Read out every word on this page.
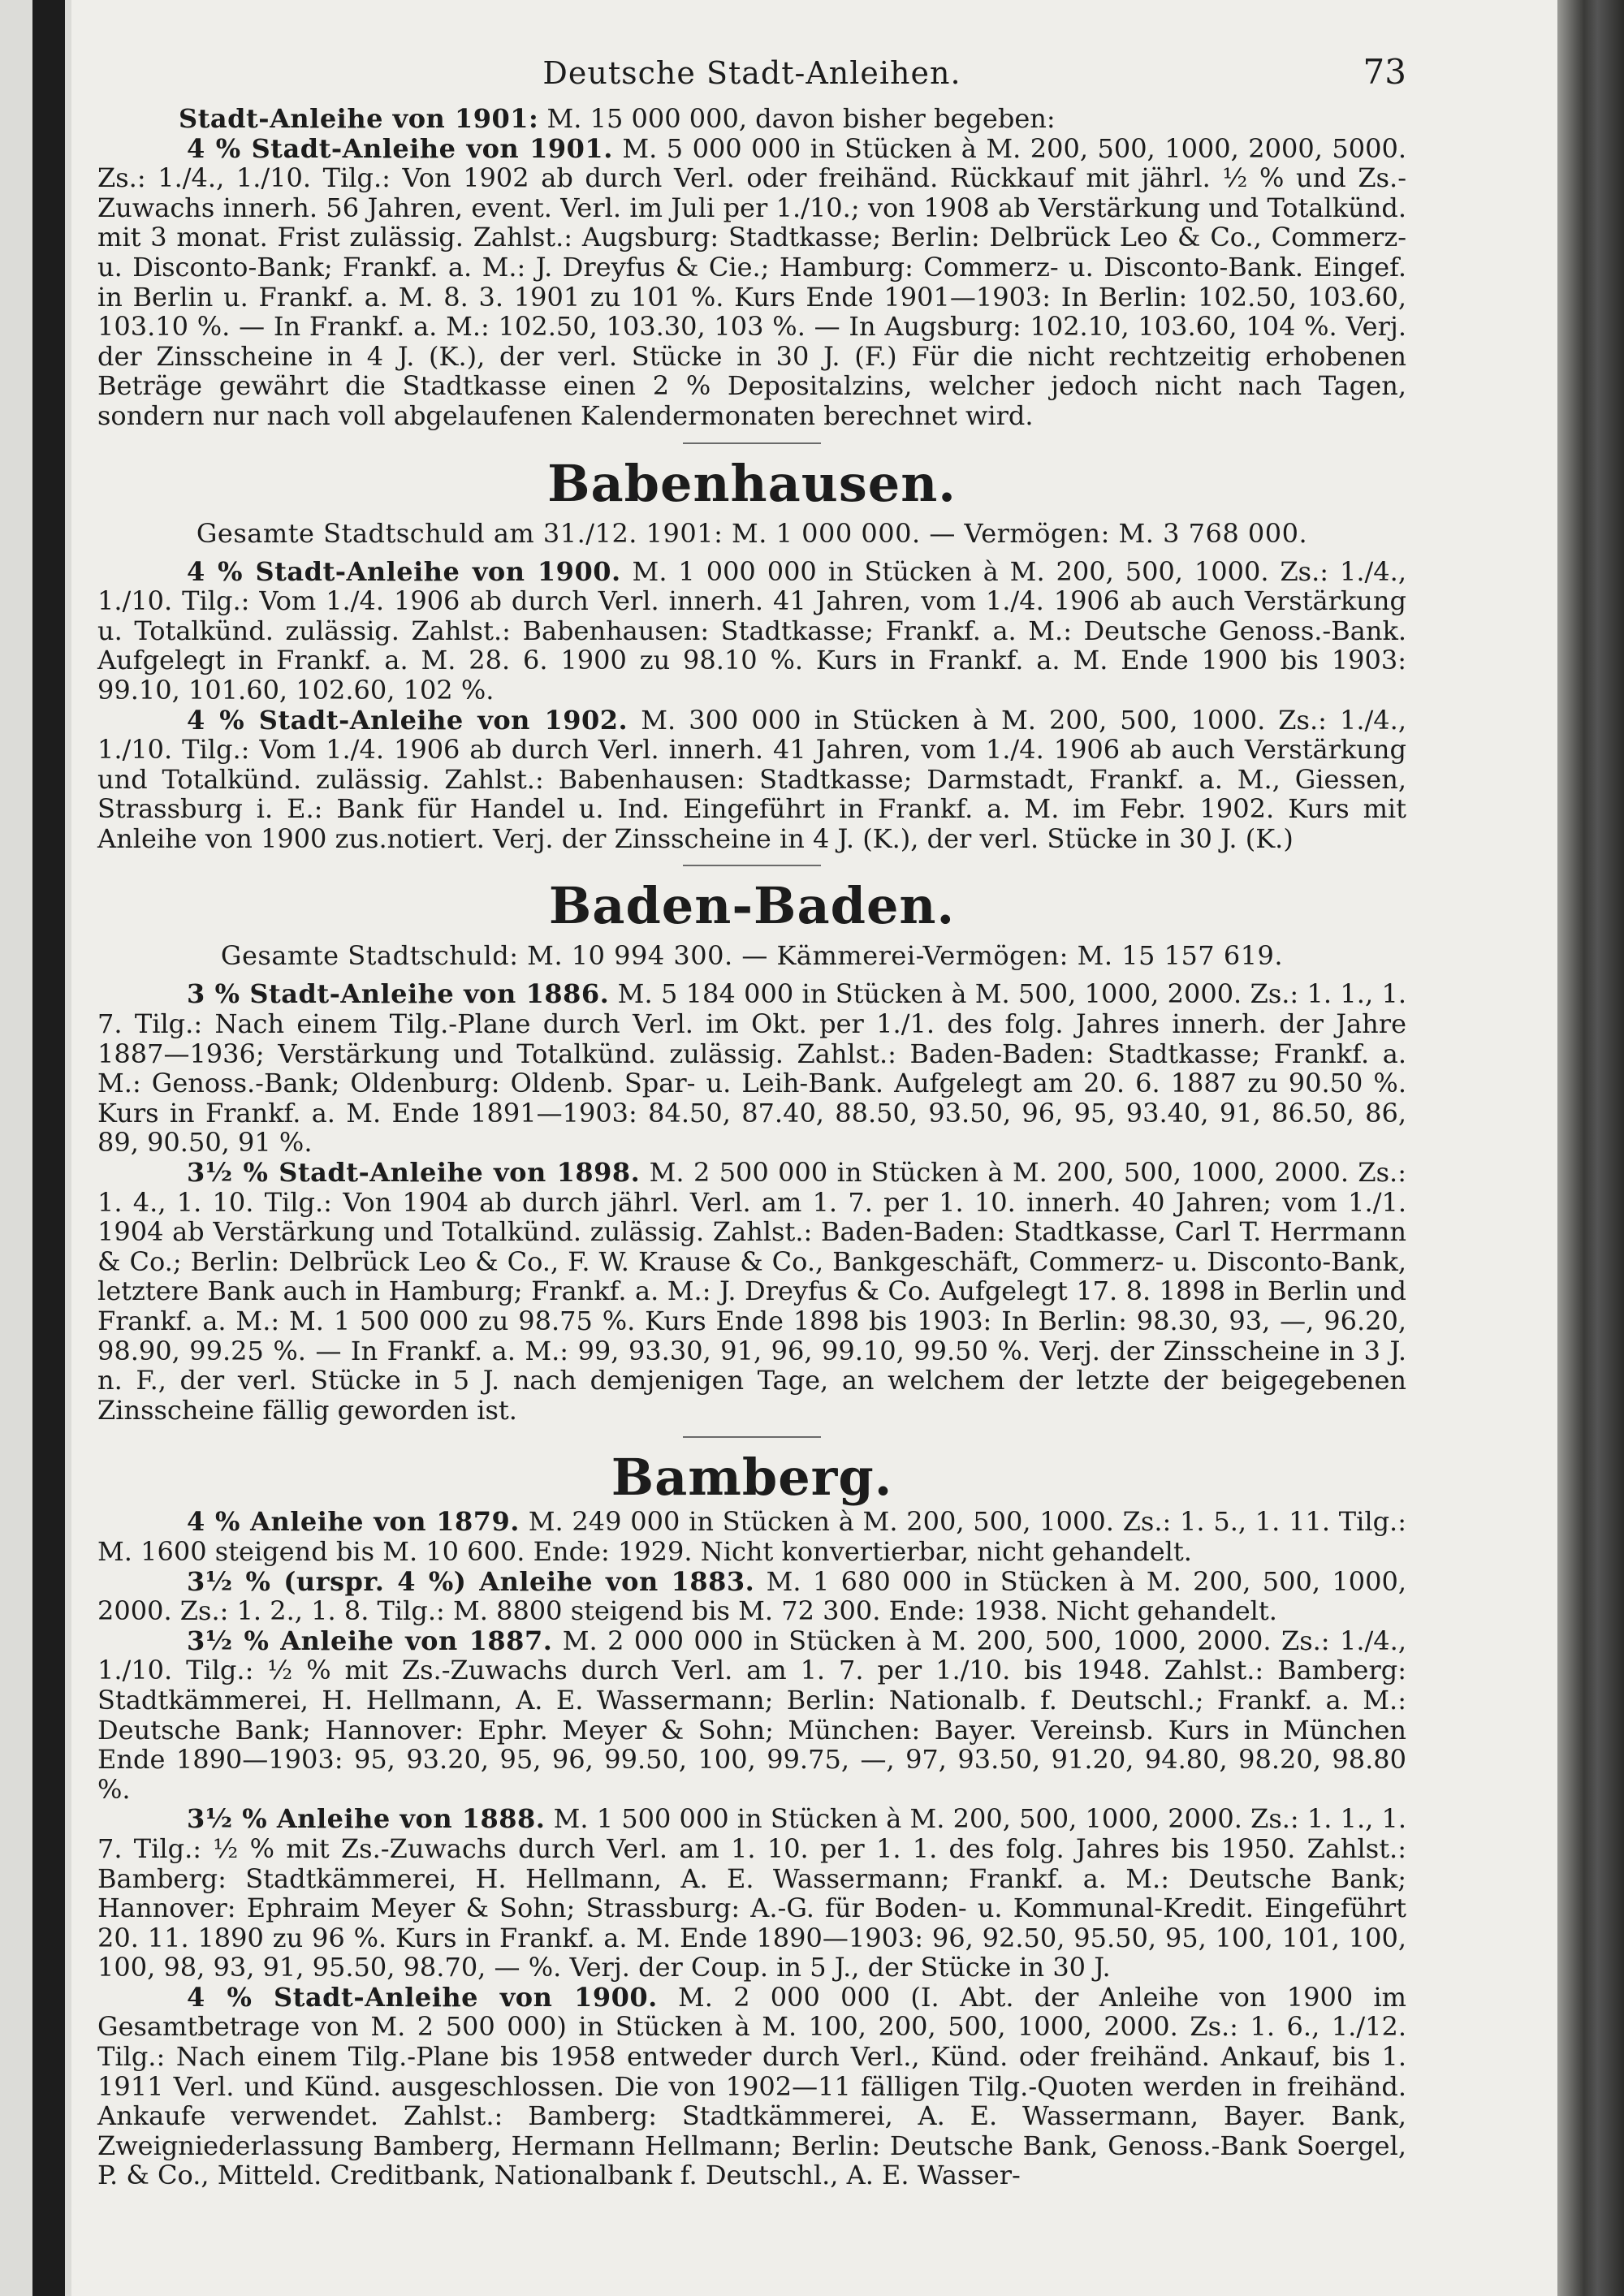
Deutsche Stadt-Anleihen.	73

Stadt-Anleihe von 1901: M. 15 000 000, davon bisher begeben:

4 % Stadt-Anleihe von 1901. M. 5 000 000 in Stücken à M. 200, 500, 1000, 2000, 5000. Zs.: 1./4., 1./10. Tilg.: Von 1902 ab durch Verl. oder freihänd. Rückkauf mit jährl. ½ % und Zs.-Zuwachs innerh. 56 Jahren, event. Verl. im Juli per 1./10.; von 1908 ab Verstärkung und Totalkünd. mit 3 monat. Frist zulässig. Zahlst.: Augsburg: Stadtkasse; Berlin: Delbrück Leo & Co., Commerz- u. Disconto-Bank; Frankf. a. M.: J. Dreyfus & Cie.; Hamburg: Commerz- u. Disconto-Bank. Eingef. in Berlin u. Frankf. a. M. 8. 3. 1901 zu 101 %. Kurs Ende 1901—1903: In Berlin: 102.50, 103.60, 103.10 %. — In Frankf. a. M.: 102.50, 103.30, 103 %. — In Augsburg: 102.10, 103.60, 104 %. Verj. der Zinsscheine in 4 J. (K.), der verl. Stücke in 30 J. (F.) Für die nicht rechtzeitig erhobenen Beträge gewährt die Stadtkasse einen 2 % Depositalzins, welcher jedoch nicht nach Tagen, sondern nur nach voll abgelaufenen Kalendermonaten berechnet wird.

Babenhausen.
Gesamte Stadtschuld am 31./12. 1901: M. 1 000 000. — Vermögen: M. 3 768 000.

4 % Stadt-Anleihe von 1900. M. 1 000 000 in Stücken à M. 200, 500, 1000. Zs.: 1./4., 1./10. Tilg.: Vom 1./4. 1906 ab durch Verl. innerh. 41 Jahren, vom 1./4. 1906 ab auch Verstärkung u. Totalkünd. zulässig. Zahlst.: Babenhausen: Stadtkasse; Frankf. a. M.: Deutsche Genoss.-Bank. Aufgelegt in Frankf. a. M. 28. 6. 1900 zu 98.10 %. Kurs in Frankf. a. M. Ende 1900 bis 1903: 99.10, 101.60, 102.60, 102 %.

4 % Stadt-Anleihe von 1902. M. 300 000 in Stücken à M. 200, 500, 1000. Zs.: 1./4., 1./10. Tilg.: Vom 1./4. 1906 ab durch Verl. innerh. 41 Jahren, vom 1./4. 1906 ab auch Verstärkung und Totalkünd. zulässig. Zahlst.: Babenhausen: Stadtkasse; Darmstadt, Frankf. a. M., Giessen, Strassburg i. E.: Bank für Handel u. Ind. Eingeführt in Frankf. a. M. im Febr. 1902. Kurs mit Anleihe von 1900 zus.notiert. Verj. der Zinsscheine in 4 J. (K.), der verl. Stücke in 30 J. (K.)

Baden-Baden.
Gesamte Stadtschuld: M. 10 994 300. — Kämmerei-Vermögen: M. 15 157 619.

3 % Stadt-Anleihe von 1886. M. 5 184 000 in Stücken à M. 500, 1000, 2000. Zs.: 1. 1., 1. 7. Tilg.: Nach einem Tilg.-Plane durch Verl. im Okt. per 1./1. des folg. Jahres innerh. der Jahre 1887—1936; Verstärkung und Totalkünd. zulässig. Zahlst.: Baden-Baden: Stadtkasse; Frankf. a. M.: Genoss.-Bank; Oldenburg: Oldenb. Spar- u. Leih-Bank. Aufgelegt am 20. 6. 1887 zu 90.50 %. Kurs in Frankf. a. M. Ende 1891—1903: 84.50, 87.40, 88.50, 93.50, 96, 95, 93.40, 91, 86.50, 86, 89, 90.50, 91 %.

3½ % Stadt-Anleihe von 1898. M. 2 500 000 in Stücken à M. 200, 500, 1000, 2000. Zs.: 1. 4., 1. 10. Tilg.: Von 1904 ab durch jährl. Verl. am 1. 7. per 1. 10. innerh. 40 Jahren; vom 1./1. 1904 ab Verstärkung und Totalkünd. zulässig. Zahlst.: Baden-Baden: Stadtkasse, Carl T. Herrmann & Co.; Berlin: Delbrück Leo & Co., F. W. Krause & Co., Bankgeschäft, Commerz- u. Disconto-Bank, letztere Bank auch in Hamburg; Frankf. a. M.: J. Dreyfus & Co. Aufgelegt 17. 8. 1898 in Berlin und Frankf. a. M.: M. 1 500 000 zu 98.75 %. Kurs Ende 1898 bis 1903: In Berlin: 98.30, 93, —, 96.20, 98.90, 99.25 %. — In Frankf. a. M.: 99, 93.30, 91, 96, 99.10, 99.50 %. Verj. der Zinsscheine in 3 J. n. F., der verl. Stücke in 5 J. nach demjenigen Tage, an welchem der letzte der beigegebenen Zinsscheine fällig geworden ist.

Bamberg.

4 % Anleihe von 1879. M. 249 000 in Stücken à M. 200, 500, 1000. Zs.: 1. 5., 1. 11. Tilg.: M. 1600 steigend bis M. 10 600. Ende: 1929. Nicht konvertierbar, nicht gehandelt.

3½ % (urspr. 4 %) Anleihe von 1883. M. 1 680 000 in Stücken à M. 200, 500, 1000, 2000. Zs.: 1. 2., 1. 8. Tilg.: M. 8800 steigend bis M. 72 300. Ende: 1938. Nicht gehandelt.

3½ % Anleihe von 1887. M. 2 000 000 in Stücken à M. 200, 500, 1000, 2000. Zs.: 1./4., 1./10. Tilg.: ½ % mit Zs.-Zuwachs durch Verl. am 1. 7. per 1./10. bis 1948. Zahlst.: Bamberg: Stadtkämmerei, H. Hellmann, A. E. Wassermann; Berlin: Nationalb. f. Deutschl.; Frankf. a. M.: Deutsche Bank; Hannover: Ephr. Meyer & Sohn; München: Bayer. Vereinsb. Kurs in München Ende 1890—1903: 95, 93.20, 95, 96, 99.50, 100, 99.75, —, 97, 93.50, 91.20, 94.80, 98.20, 98.80 %.

3½ % Anleihe von 1888. M. 1 500 000 in Stücken à M. 200, 500, 1000, 2000. Zs.: 1. 1., 1. 7. Tilg.: ½ % mit Zs.-Zuwachs durch Verl. am 1. 10. per 1. 1. des folg. Jahres bis 1950. Zahlst.: Bamberg: Stadtkämmerei, H. Hellmann, A. E. Wassermann; Frankf. a. M.: Deutsche Bank; Hannover: Ephraim Meyer & Sohn; Strassburg: A.-G. für Boden- u. Kommunal-Kredit. Eingeführt 20. 11. 1890 zu 96 %. Kurs in Frankf. a. M. Ende 1890—1903: 96, 92.50, 95.50, 95, 100, 101, 100, 100, 98, 93, 91, 95.50, 98.70, — %. Verj. der Coup. in 5 J., der Stücke in 30 J.

4 % Stadt-Anleihe von 1900. M. 2 000 000 (I. Abt. der Anleihe von 1900 im Gesamtbetrage von M. 2 500 000) in Stücken à M. 100, 200, 500, 1000, 2000. Zs.: 1. 6., 1./12. Tilg.: Nach einem Tilg.-Plane bis 1958 entweder durch Verl., Künd. oder freihänd. Ankauf, bis 1. 1911 Verl. und Künd. ausgeschlossen. Die von 1902—11 fälligen Tilg.-Quoten werden in freihänd. Ankaufe verwendet. Zahlst.: Bamberg: Stadtkämmerei, A. E. Wassermann, Bayer. Bank, Zweigniederlassung Bamberg, Hermann Hellmann; Berlin: Deutsche Bank, Genoss.-Bank Soergel, P. & Co., Mitteld. Creditbank, Nationalbank f. Deutschl., A. E. Wasser-
